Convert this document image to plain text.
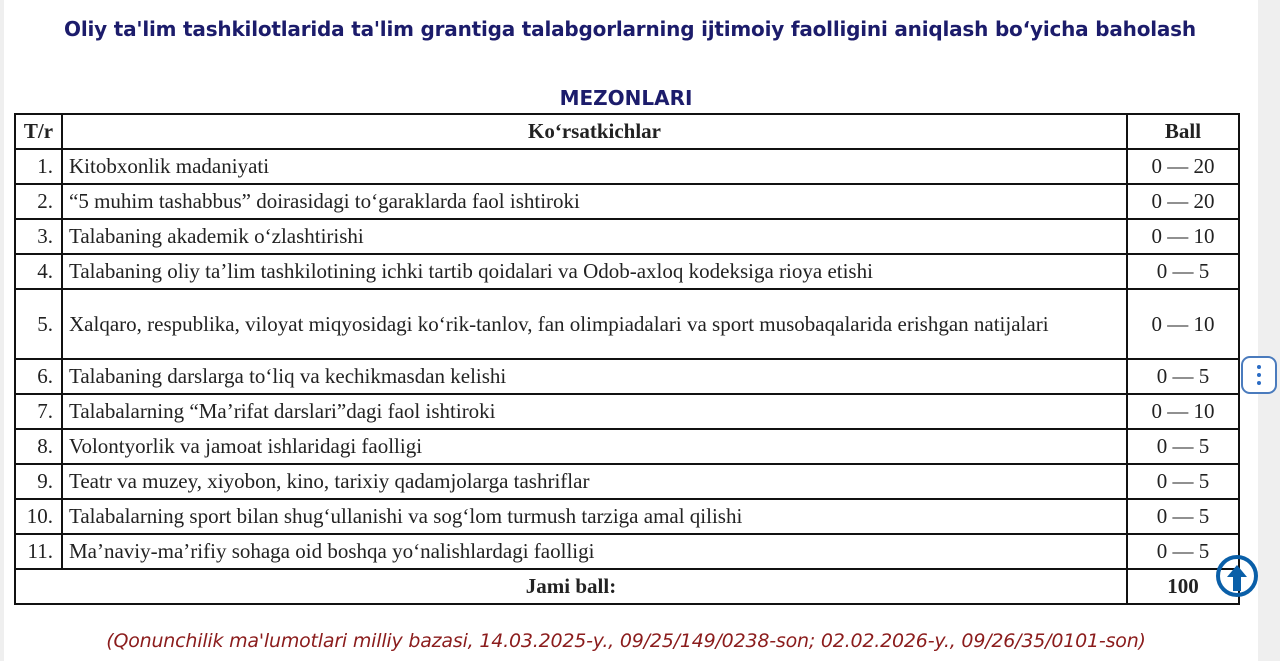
Oliy ta'lim tashkilotlarida ta'lim grantiga talabgorlarning ijtimoiy faolligini aniqlash boʻyicha baholash
MEZONLARI
T/r	Ko‘rsatkichlar	Ball
1.	Kitobxonlik madaniyati	0 — 20
2.	“5 muhim tashabbus” doirasidagi to‘garaklarda faol ishtiroki	0 — 20
3.	Talabaning akademik o‘zlashtirishi	0 — 10
4.	Talabaning oliy ta’lim tashkilotining ichki tartib qoidalari va Odob-axloq kodeksiga rioya etishi	0 — 5
5.	Xalqaro, respublika, viloyat miqyosidagi ko‘rik-tanlov, fan olimpiadalari va sport musobaqalarida erishgan natijalari	0 — 10
6.	Talabaning darslarga to‘liq va kechikmasdan kelishi	0 — 5
7.	Talabalarning “Ma’rifat darslari”dagi faol ishtiroki	0 — 10
8.	Volontyorlik va jamoat ishlaridagi faolligi	0 — 5
9.	Teatr va muzey, xiyobon, kino, tarixiy qadamjolarga tashriflar	0 — 5
10.	Talabalarning sport bilan shug‘ullanishi va sog‘lom turmush tarziga amal qilishi	0 — 5
11.	Ma’naviy-ma’rifiy sohaga oid boshqa yo‘nalishlardagi faolligi	0 — 5
Jami ball:		100
(Qonunchilik ma'lumotlari milliy bazasi, 14.03.2025-y., 09/25/149/0238-son; 02.02.2026-y., 09/26/35/0101-son)
